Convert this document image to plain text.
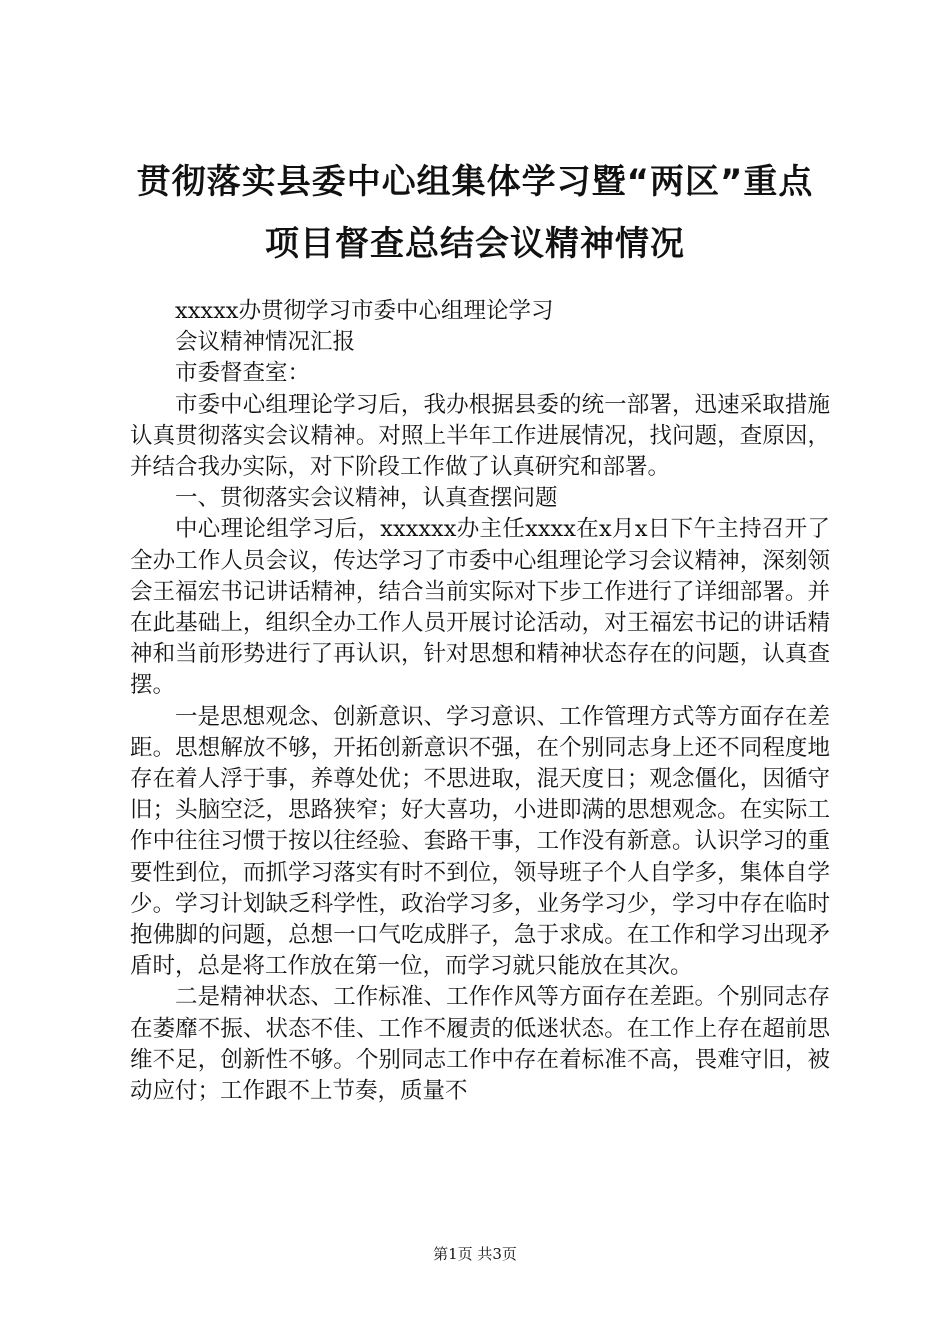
贯彻落实县委中心组集体学习暨“两区”重点
项目督查总结会议精神情况

xxxxx办贯彻学习市委中心组理论学习

会议精神情况汇报

市委督查室：

市委中心组理论学习后，我办根据县委的统一部署，迅速采取措施认真贯彻落实会议精神。对照上半年工作进展情况，找问题，查原因，并结合我办实际，对下阶段工作做了认真研究和部署。

一、贯彻落实会议精神，认真查摆问题

中心理论组学习后，xxxxxx办主任xxxx在x月x日下午主持召开了全办工作人员会议，传达学习了市委中心组理论学习会议精神，深刻领会王福宏书记讲话精神，结合当前实际对下步工作进行了详细部署。并在此基础上，组织全办工作人员开展讨论活动，对王福宏书记的讲话精神和当前形势进行了再认识，针对思想和精神状态存在的问题，认真查摆。

一是思想观念、创新意识、学习意识、工作管理方式等方面存在差距。思想解放不够，开拓创新意识不强，在个别同志身上还不同程度地存在着人浮于事，养尊处优；不思进取，混天度日；观念僵化，因循守旧；头脑空泛，思路狭窄；好大喜功，小进即满的思想观念。在实际工作中往往习惯于按以往经验、套路干事，工作没有新意。认识学习的重要性到位，而抓学习落实有时不到位，领导班子个人自学多，集体自学少。学习计划缺乏科学性，政治学习多，业务学习少，学习中存在临时抱佛脚的问题，总想一口气吃成胖子，急于求成。在工作和学习出现矛盾时，总是将工作放在第一位，而学习就只能放在其次。

二是精神状态、工作标准、工作作风等方面存在差距。个别同志存在萎靡不振、状态不佳、工作不履责的低迷状态。在工作上存在超前思维不足，创新性不够。个别同志工作中存在着标准不高，畏难守旧，被动应付；工作跟不上节奏，质量不

第1页 共3页
